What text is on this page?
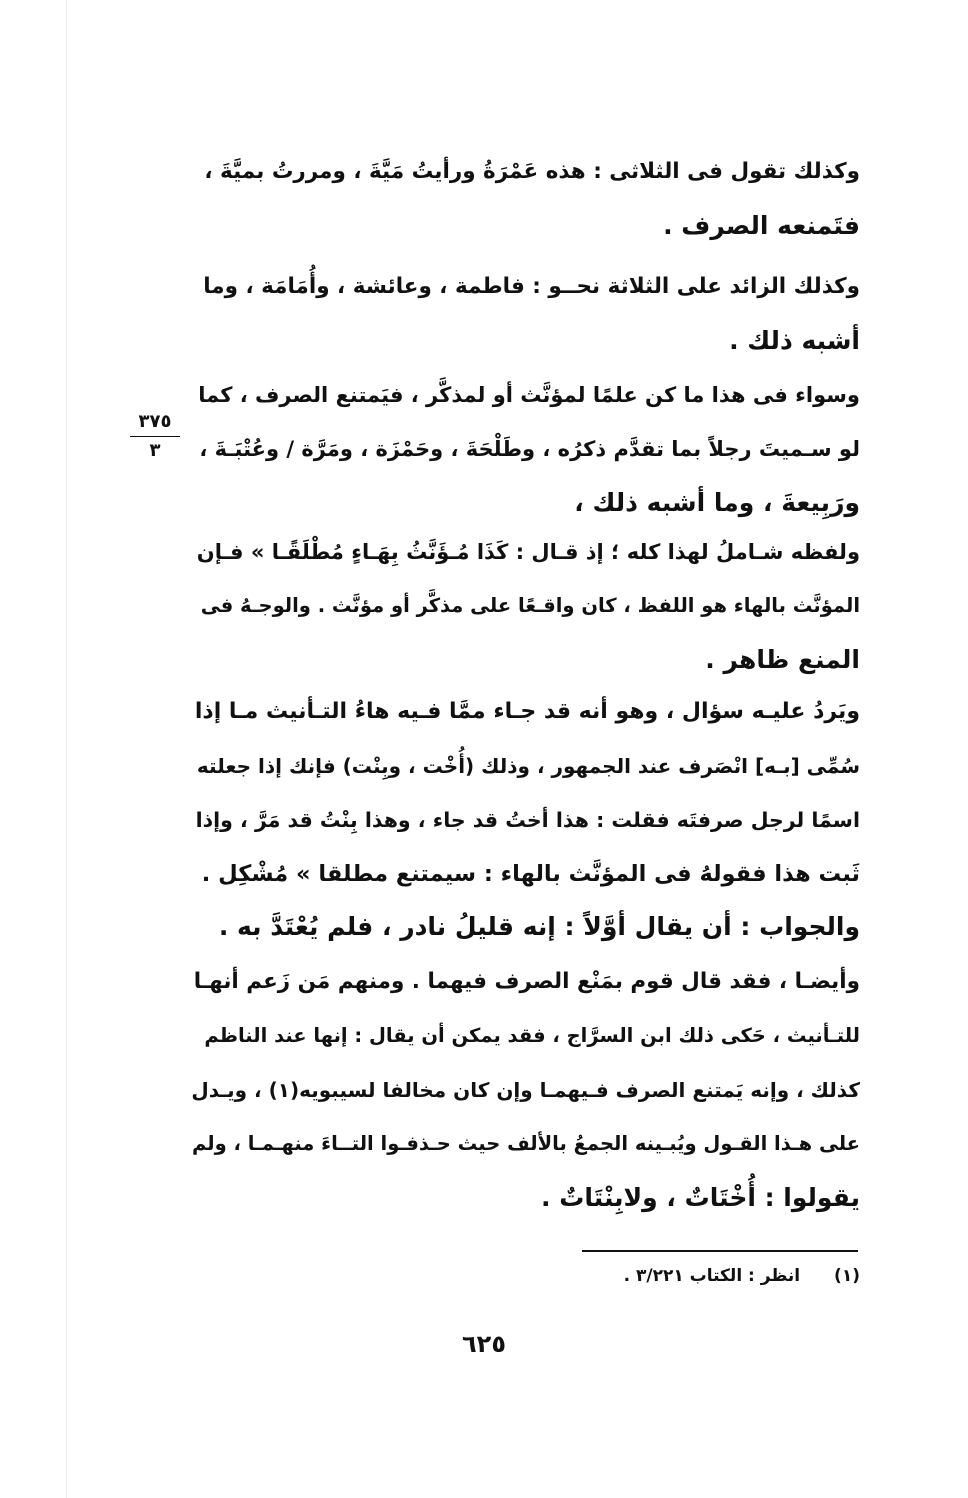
وكذلك تقول فى الثلاثى : هذه عَمْرَةُ ورأيتُ مَيَّةَ ، ومررتُ بميَّةَ ،
فتَمنعه الصرف .
وكذلك الزائد على الثلاثة نحــو : فاطمة ، وعائشة ، وأُمَامَة ، وما
أشبه ذلك .
وسواء فى هذا ما كن علمًا لمؤنَّث أو لمذكَّر ، فيَمتنع الصرف ، كما
لو سـميتَ رجلاً بما تقدَّم ذكرُه ، وطَلْحَةَ ، وحَمْزَة ، ومَرَّة / وعُتْبَـةَ ،
ورَبِيعةَ ، وما أشبه ذلك ،
ولفظه شـاملُ لهذا كله ؛ إذ قـال : كَذَا مُـؤَنَّثُ بِهَـاءٍ مُطْلَقًـا » فـإن
المؤنَّث بالهاء هو اللفظ ، كان واقـعًا على مذكَّر أو مؤنَّث . والوجـهُ فى
المنع ظاهر .
ويَردُ عليـه سؤال ، وهو أنه قد جـاء ممَّا فـيه هاءُ التـأنيث مـا إذا
سُمِّى [بـه] انْصَرف عند الجمهور ، وذلك (أُخْت ، وبِنْت) فإنك إذا جعلته
اسمًا لرجل صرفتَه فقلت : هذا أختُ قد جاء ، وهذا بِنْتُ قد مَرَّ ، وإذا
ثَبت هذا فقولهُ فى المؤنَّث بالهاء : سيمتنع مطلقا » مُشْكِل .
والجواب : أن يقال أوَّلاً : إنه قليلُ نادر ، فلم يُعْتَدَّ به .
وأيضـا ، فقد قال قوم بمَنْع الصرف فيهما . ومنهم مَن زَعم أنهـا
للتـأنيث ، حَكى ذلك ابن السرَّاج ، فقد يمكن أن يقال : إنها عند الناظم
كذلك ، وإنه يَمتنع الصرف فـيهمـا وإن كان مخالفا لسيبويه(١) ، ويـدل
على هـذا القـول ويُبـينه الجمعُ بالألف حيث حـذفـوا التــاءَ منهـمـا ، ولم
يقولوا : أُخْتَاتٌ ، ولابِنْتَاتٌ .
٣٧٥
٣
(١) انظر : الكتاب ٣/٢٢١ .
٦٢٥
